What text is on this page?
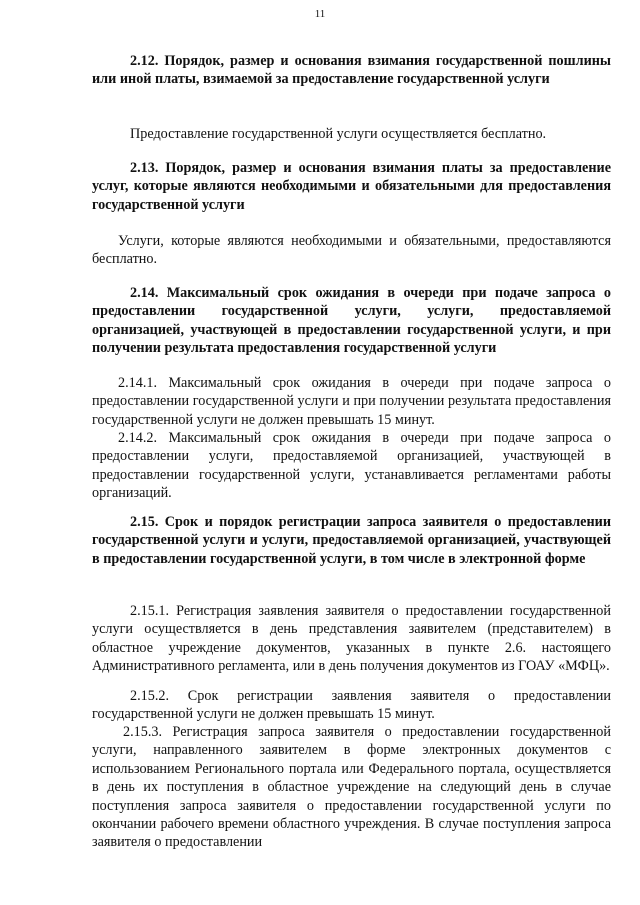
11

2.12. Порядок, размер и основания взимания государственной пошлины или иной платы, взимаемой за предоставление государственной услуги

Предоставление государственной услуги осуществляется бесплатно.

2.13. Порядок, размер и основания взимания платы за предоставление услуг, которые являются необходимыми и обязательными для предоставления государственной услуги

Услуги, которые являются необходимыми и обязательными, предоставляются бесплатно.

2.14. Максимальный срок ожидания в очереди при подаче запроса о предоставлении государственной услуги, услуги, предоставляемой организацией, участвующей в предоставлении государственной услуги, и при получении результата предоставления государственной услуги

2.14.1. Максимальный срок ожидания в очереди при подаче запроса о предоставлении государственной услуги и при получении результата предоставления государственной услуги не должен превышать 15 минут.

2.14.2. Максимальный срок ожидания в очереди при подаче запроса о предоставлении услуги, предоставляемой организацией, участвующей в предоставлении государственной услуги, устанавливается регламентами работы организаций.

2.15. Срок и порядок регистрации запроса заявителя о предоставлении государственной услуги и услуги, предоставляемой организацией, участвующей в предоставлении государственной услуги, в том числе в электронной форме

2.15.1. Регистрация заявления заявителя о предоставлении государственной услуги осуществляется в день представления заявителем (представителем) в областное учреждение документов, указанных в пункте 2.6. настоящего Административного регламента, или в день получения документов из ГОАУ «МФЦ».

2.15.2. Срок регистрации заявления заявителя о предоставлении государственной услуги не должен превышать 15 минут.

2.15.3. Регистрация запроса заявителя о предоставлении государственной услуги, направленного заявителем в форме электронных документов с использованием Регионального портала или Федерального портала, осуществляется в день их поступления в областное учреждение на следующий день в случае поступления запроса заявителя о предоставлении государственной услуги по окончании рабочего времени областного учреждения. В случае поступления запроса заявителя о предоставлении
